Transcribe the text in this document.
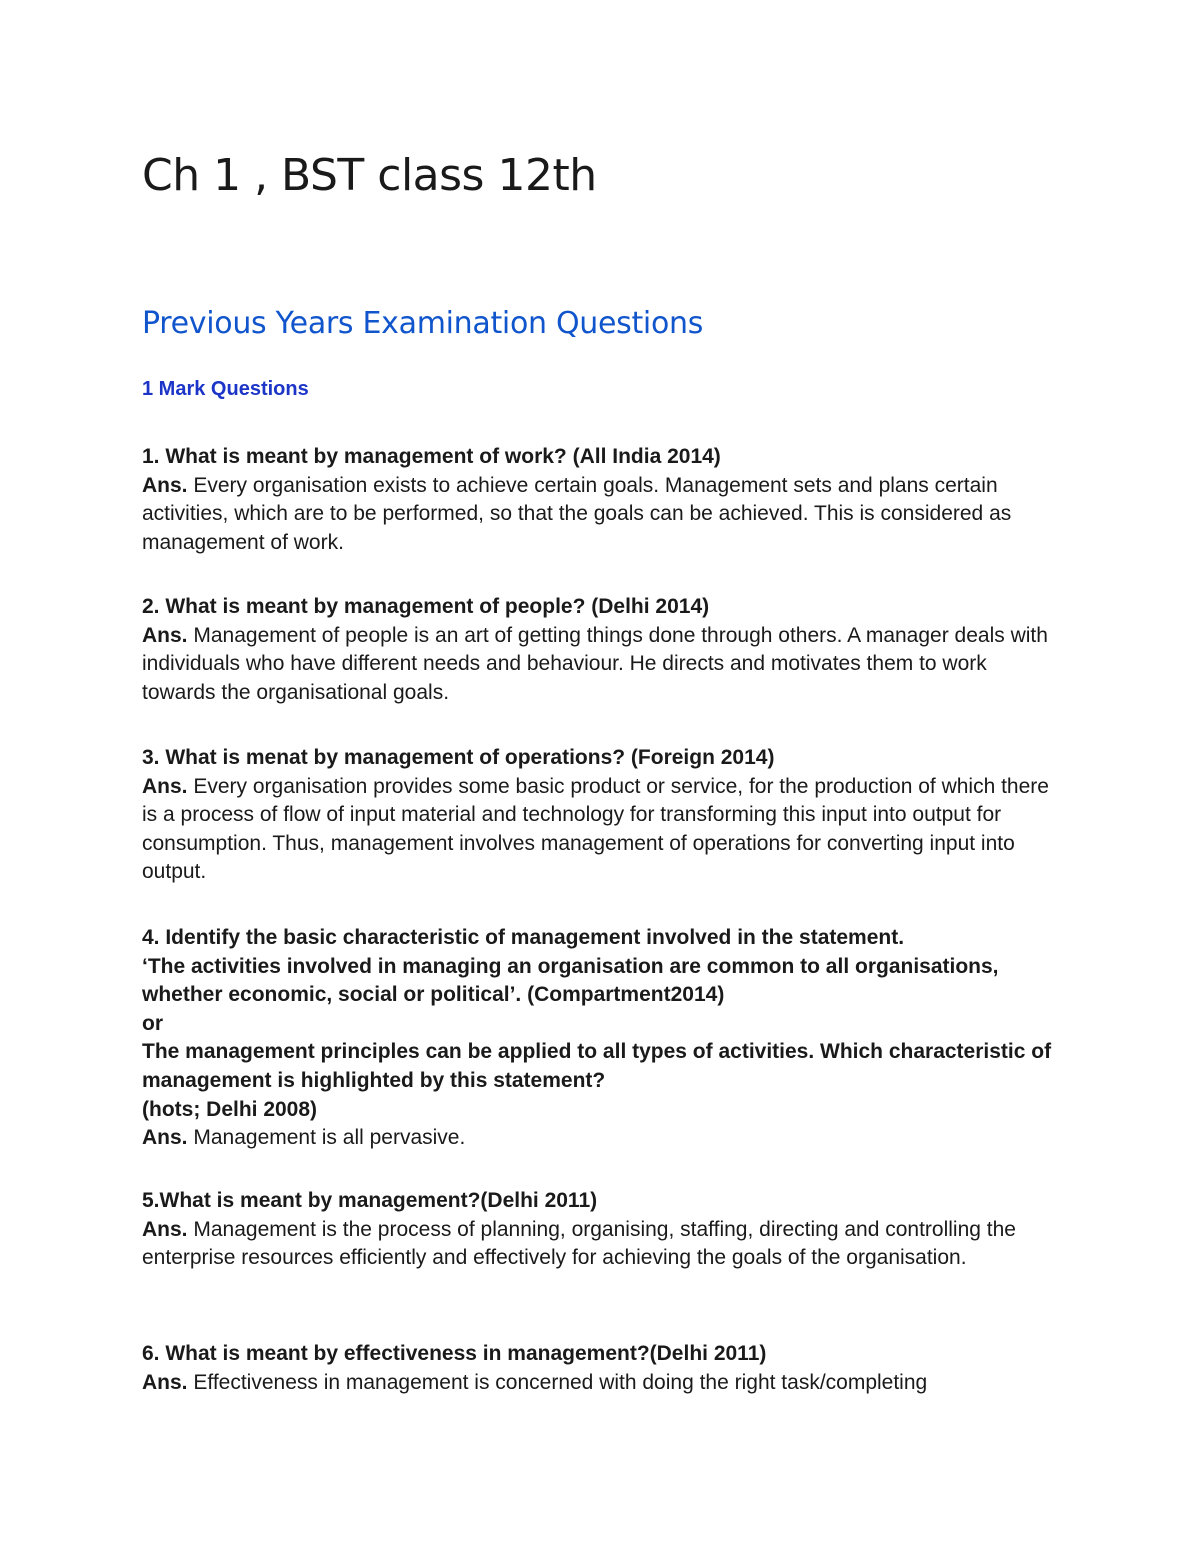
Ch 1 , BST class 12th
Previous Years Examination Questions
1 Mark Questions

1. What is meant by management of work? (All India 2014)

Ans. Every organisation exists to achieve certain goals. Management sets and plans certain activities, which are to be performed, so that the goals can be achieved. This is considered as management of work.

2. What is meant by management of people? (Delhi 2014)

Ans. Management of people is an art of getting things done through others. A manager deals with individuals who have different needs and behaviour. He directs and motivates them to work towards the organisational goals.

3. What is menat by management of operations? (Foreign 2014)

Ans. Every organisation provides some basic product or service, for the production of which there is a process of flow of input material and technology for transforming this input into output for consumption. Thus, management involves management of operations for converting input into output.

4. Identify the basic characteristic of management involved in the statement.

‘The activities involved in managing an organisation are common to all organisations, whether economic, social or political’. (Compartment2014)

or

The management principles can be applied to all types of activities. Which characteristic of management is highlighted by this statement?

(hots; Delhi 2008)

Ans. Management is all pervasive.

5.What is meant by management?(Delhi 2011)

Ans. Management is the process of planning, organising, staffing, directing and controlling the enterprise resources efficiently and effectively for achieving the goals of the organisation.

6. What is meant by effectiveness in management?(Delhi 2011)

Ans. Effectiveness in management is concerned with doing the right task/completing
